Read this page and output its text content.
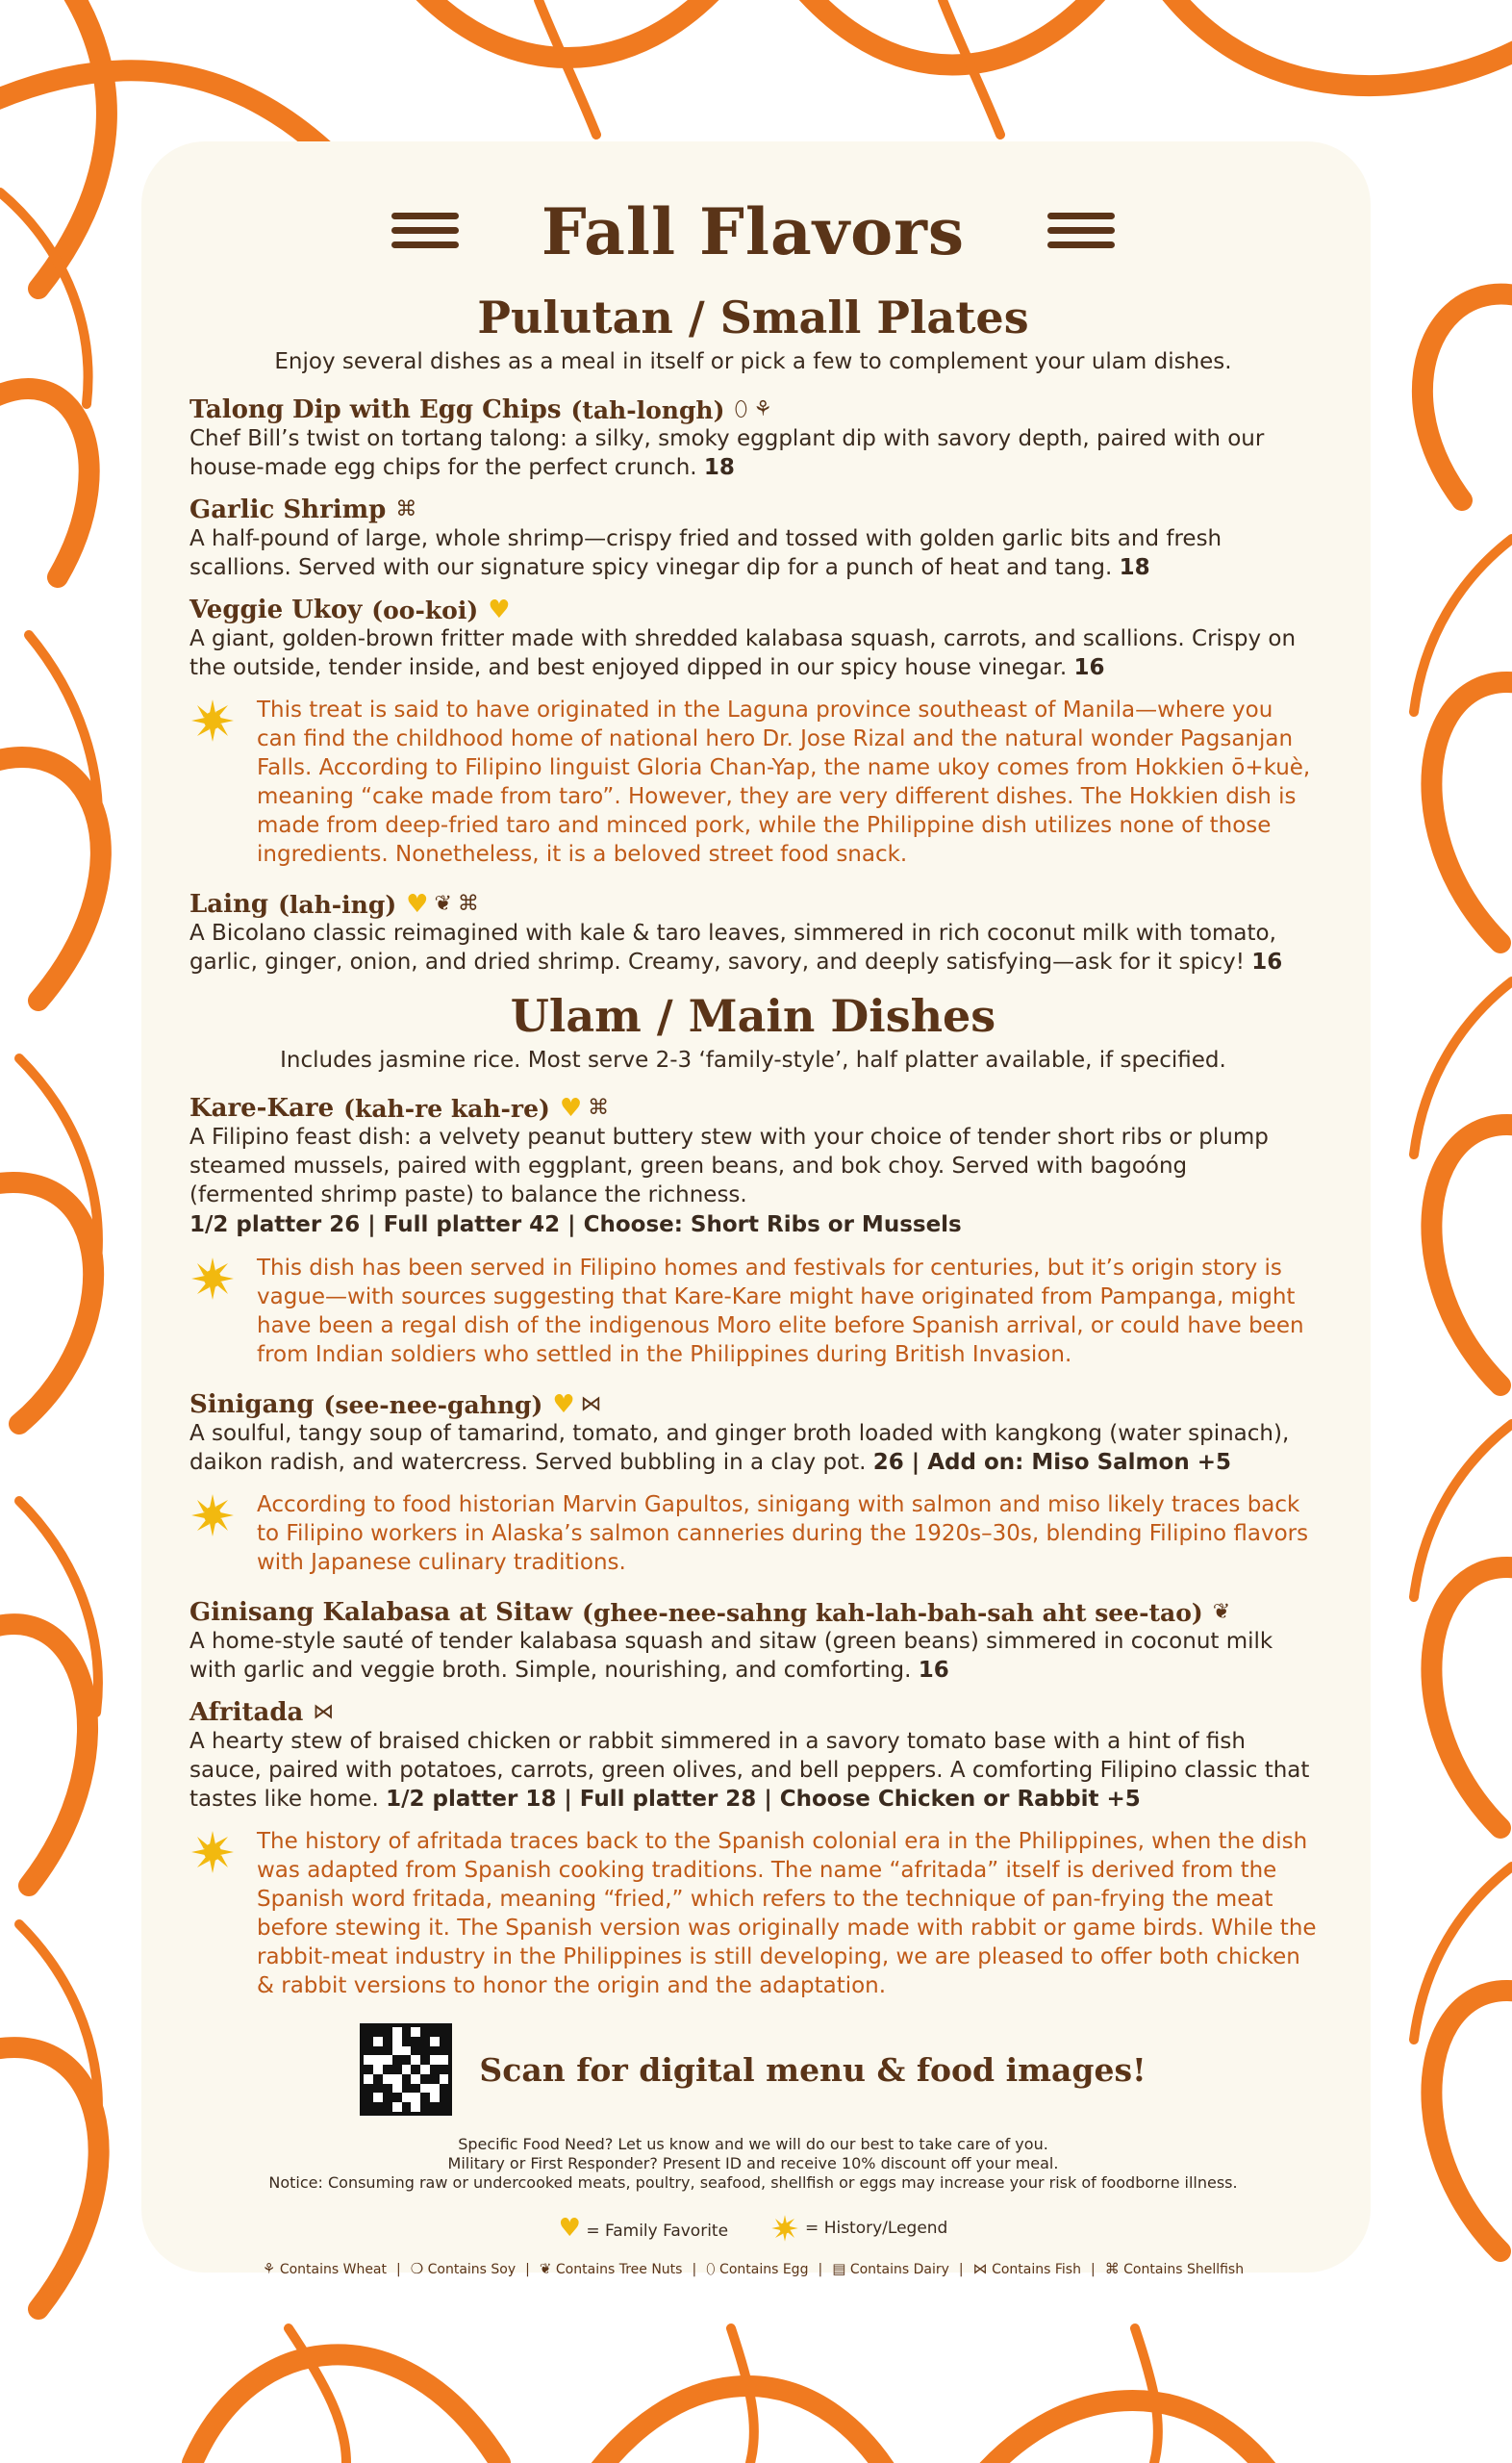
Fall Flavors
Pulutan / Small Plates
Enjoy several dishes as a meal in itself or pick a few to complement your ulam dishes.
Talong Dip with Egg Chips (tah-longh) ⬯ ⚘
Chef Bill’s twist on tortang talong: a silky, smoky eggplant dip with savory depth, paired with our house-made egg chips for the perfect crunch. 18
Garlic Shrimp ⌘
A half-pound of large, whole shrimp—crispy fried and tossed with golden garlic bits and fresh scallions. Served with our signature spicy vinegar dip for a punch of heat and tang. 18
Veggie Ukoy (oo-koi) ♥
A giant, golden-brown fritter made with shredded kalabasa squash, carrots, and scallions. Crispy on the outside, tender inside, and best enjoyed dipped in our spicy house vinegar. 16
This treat is said to have originated in the Laguna province southeast of Manila—where you can find the childhood home of national hero Dr. Jose Rizal and the natural wonder Pagsanjan Falls. According to Filipino linguist Gloria Chan-Yap, the name ukoy comes from Hokkien ō+kuè, meaning “cake made from taro”. However, they are very different dishes. The Hokkien dish is made from deep-fried taro and minced pork, while the Philippine dish utilizes none of those ingredients. Nonetheless, it is a beloved street food snack.
Laing (lah-ing) ♥ ❦ ⌘
A Bicolano classic reimagined with kale & taro leaves, simmered in rich coconut milk with tomato, garlic, ginger, onion, and dried shrimp. Creamy, savory, and deeply satisfying—ask for it spicy! 16
Ulam / Main Dishes
Includes jasmine rice. Most serve 2-3 ‘family-style’, half platter available, if specified.
Kare-Kare (kah-re kah-re) ♥ ⌘
A Filipino feast dish: a velvety peanut buttery stew with your choice of tender short ribs or plump steamed mussels, paired with eggplant, green beans, and bok choy. Served with bagoóng (fermented shrimp paste) to balance the richness.
1/2 platter 26 | Full platter 42 | Choose: Short Ribs or Mussels
This dish has been served in Filipino homes and festivals for centuries, but it’s origin story is vague—with sources suggesting that Kare-Kare might have originated from Pampanga, might have been a regal dish of the indigenous Moro elite before Spanish arrival, or could have been from Indian soldiers who settled in the Philippines during British Invasion.
Sinigang (see-nee-gahng) ♥ ⋈
A soulful, tangy soup of tamarind, tomato, and ginger broth loaded with kangkong (water spinach), daikon radish, and watercress. Served bubbling in a clay pot. 26 | Add on: Miso Salmon +5
According to food historian Marvin Gapultos, sinigang with salmon and miso likely traces back to Filipino workers in Alaska’s salmon canneries during the 1920s–30s, blending Filipino flavors with Japanese culinary traditions.
Ginisang Kalabasa at Sitaw (ghee-nee-sahng kah-lah-bah-sah aht see-tao) ❦
A home-style sauté of tender kalabasa squash and sitaw (green beans) simmered in coconut milk with garlic and veggie broth. Simple, nourishing, and comforting. 16
Afritada ⋈
A hearty stew of braised chicken or rabbit simmered in a savory tomato base with a hint of fish sauce, paired with potatoes, carrots, green olives, and bell peppers. A comforting Filipino classic that tastes like home. 1/2 platter 18 | Full platter 28 | Choose Chicken or Rabbit +5
The history of afritada traces back to the Spanish colonial era in the Philippines, when the dish was adapted from Spanish cooking traditions. The name “afritada” itself is derived from the Spanish word fritada, meaning “fried,” which refers to the technique of pan-frying the meat before stewing it. The Spanish version was originally made with rabbit or game birds. While the rabbit-meat industry in the Philippines is still developing, we are pleased to offer both chicken & rabbit versions to honor the origin and the adaptation.
Scan for digital menu & food images!
Specific Food Need? Let us know and we will do our best to take care of you.
Military or First Responder? Present ID and receive 10% discount off your meal.
Notice: Consuming raw or undercooked meats, poultry, seafood, shellfish or eggs may increase your risk of foodborne illness.
♥ = Family Favorite	= History/Legend
⚘ Contains Wheat | ❍ Contains Soy | ❦ Contains Tree Nuts | ⬯ Contains Egg | ▤ Contains Dairy | ⋈ Contains Fish | ⌘ Contains Shellfish
